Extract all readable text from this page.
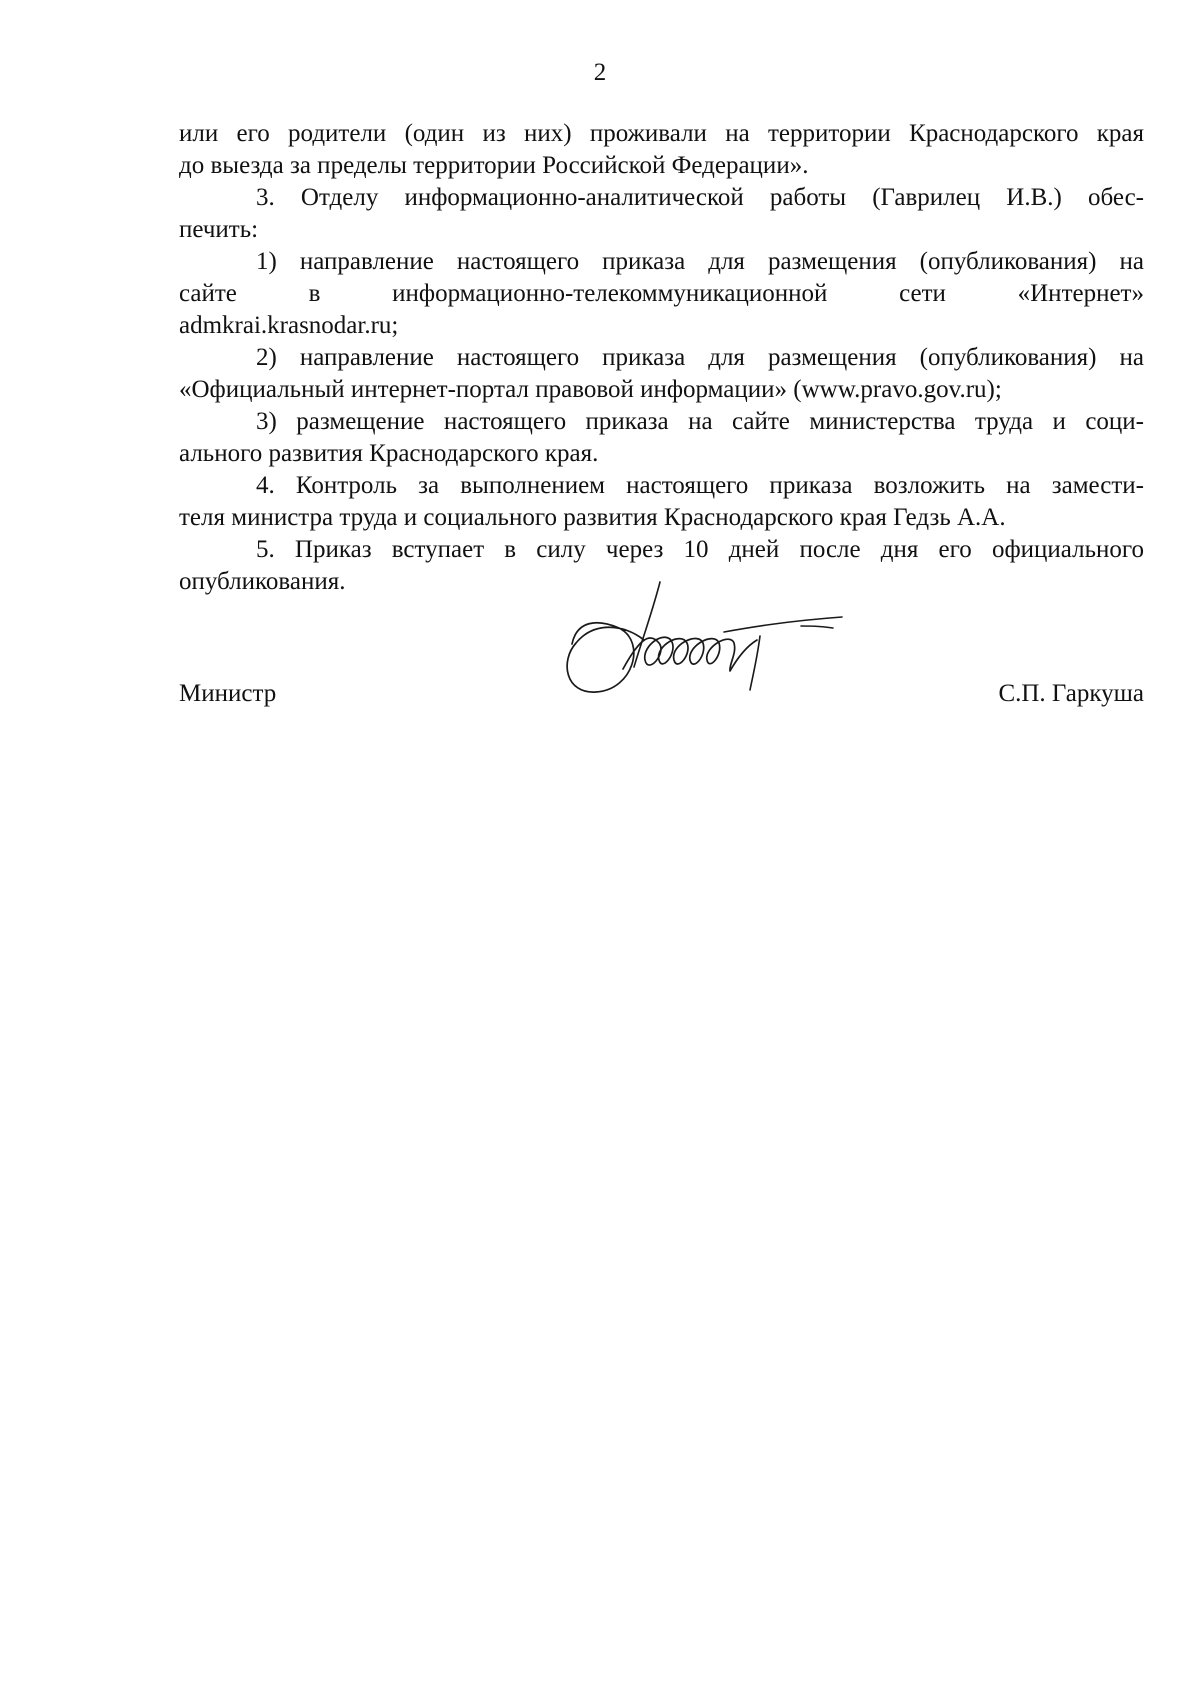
2
или его родители (один из них) проживали на территории Краснодарского края
до выезда за пределы территории Российской Федерации».
3. Отделу информационно-аналитической работы (Гаврилец И.В.) обес-
печить:
1) направление настоящего приказа для размещения (опубликования) на
сайте в информационно-телекоммуникационной сети «Интернет»
admkrai.krasnodar.ru;
2) направление настоящего приказа для размещения (опубликования) на
«Официальный интернет-портал правовой информации» (www.pravo.gov.ru);
3) размещение настоящего приказа на сайте министерства труда и соци-
ального развития Краснодарского края.
4. Контроль за выполнением настоящего приказа возложить на замести-
теля министра труда и социального развития Краснодарского края Гедзь А.А.
5. Приказ вступает в силу через 10 дней после дня его официального
опубликования.
Министр	С.П. Гаркуша
